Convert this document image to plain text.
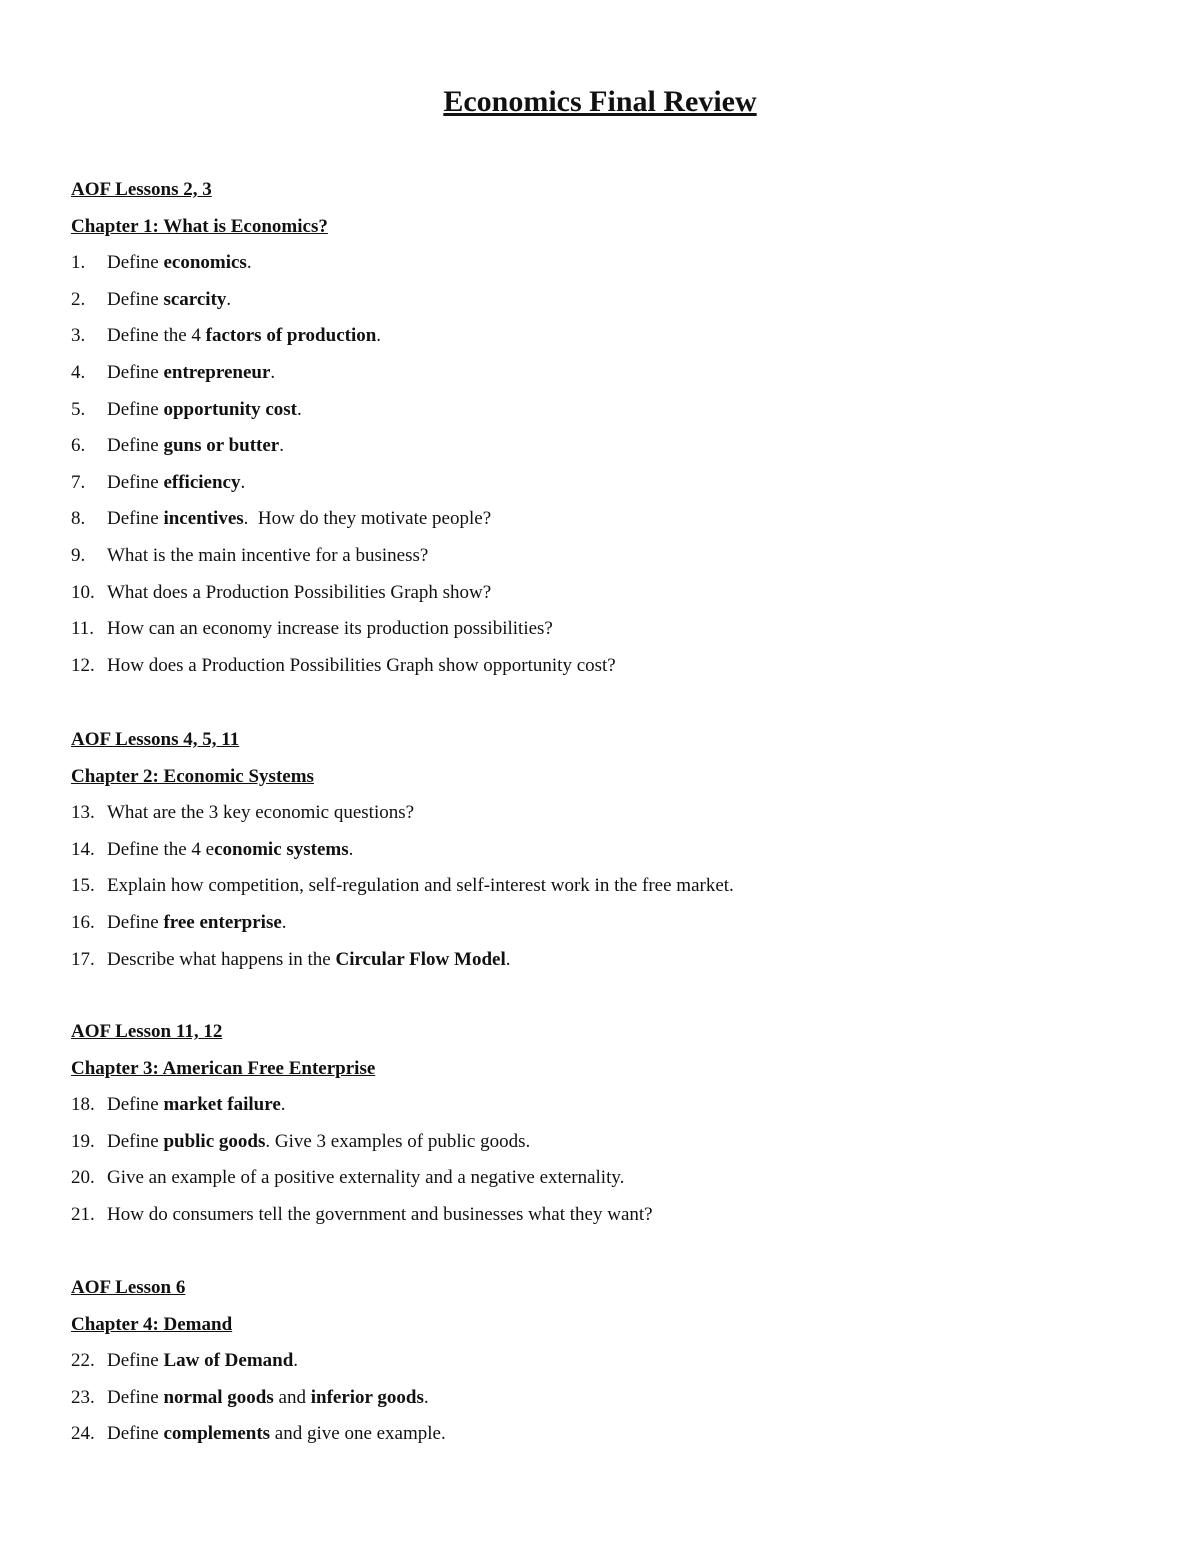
Economics Final Review
AOF Lessons 2, 3
Chapter 1: What is Economics?
1. Define economics.
2. Define scarcity.
3. Define the 4 factors of production.
4. Define entrepreneur.
5. Define opportunity cost.
6. Define guns or butter.
7. Define efficiency.
8. Define incentives.  How do they motivate people?
9. What is the main incentive for a business?
10. What does a Production Possibilities Graph show?
11. How can an economy increase its production possibilities?
12. How does a Production Possibilities Graph show opportunity cost?
AOF Lessons 4, 5, 11
Chapter 2: Economic Systems
13. What are the 3 key economic questions?
14. Define the 4 economic systems.
15. Explain how competition, self-regulation and self-interest work in the free market.
16. Define free enterprise.
17. Describe what happens in the Circular Flow Model.
AOF Lesson 11, 12
Chapter 3: American Free Enterprise
18. Define market failure.
19. Define public goods. Give 3 examples of public goods.
20. Give an example of a positive externality and a negative externality.
21. How do consumers tell the government and businesses what they want?
AOF Lesson 6
Chapter 4: Demand
22. Define Law of Demand.
23. Define normal goods and inferior goods.
24. Define complements and give one example.
